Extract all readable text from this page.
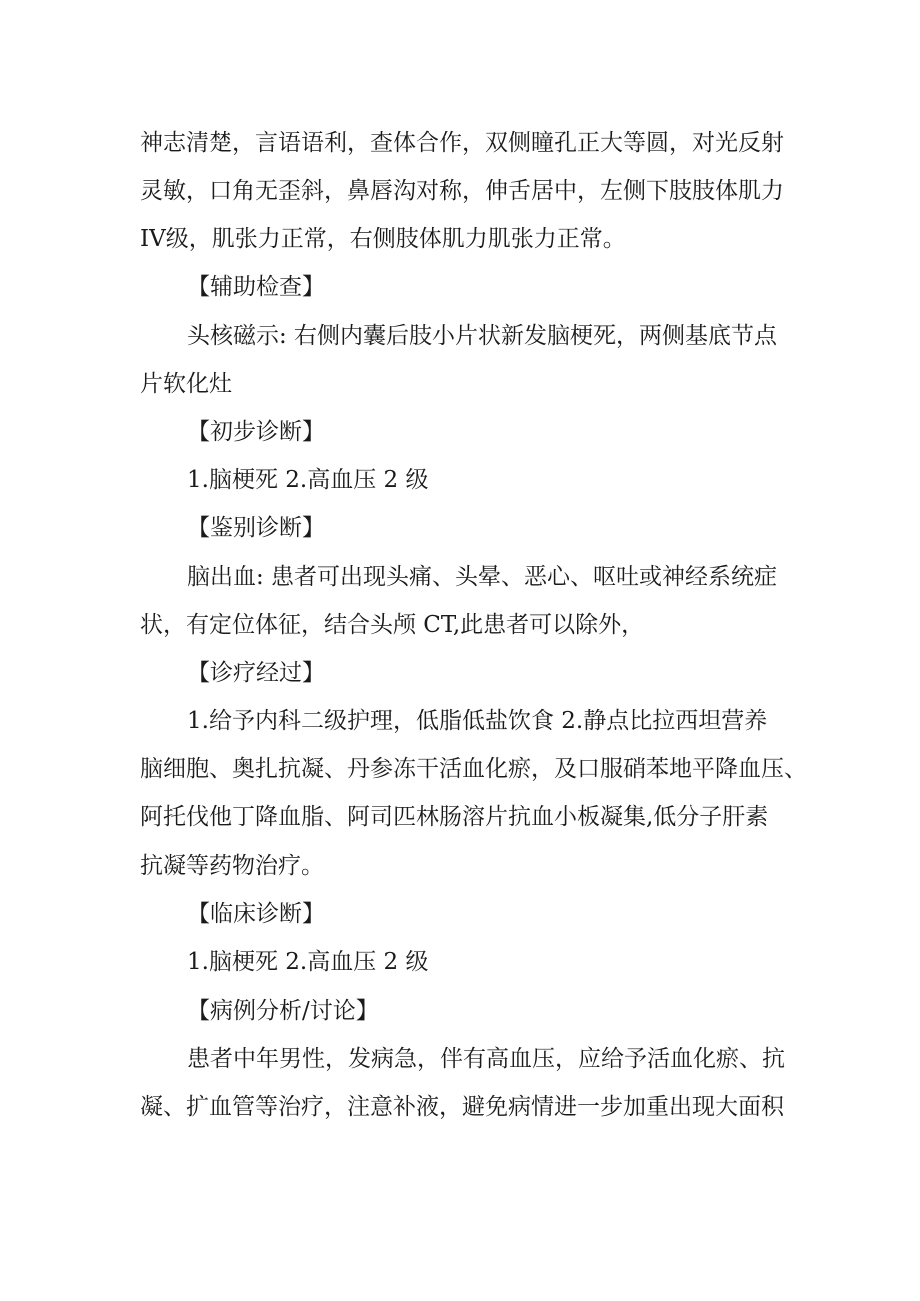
神志清楚，言语语利，查体合作，双侧瞳孔正大等圆，对光反射
灵敏，口角无歪斜，鼻唇沟对称，伸舌居中，左侧下肢肢体肌力
IV级，肌张力正常，右侧肢体肌力肌张力正常。
【辅助检查】
头核磁示: 右侧内囊后肢小片状新发脑梗死，两侧基底节点
片软化灶
【初步诊断】
1.脑梗死 2.高血压 2 级
【鉴别诊断】
脑出血: 患者可出现头痛、头晕、恶心、呕吐或神经系统症
状，有定位体征，结合头颅 CT,此患者可以除外，
【诊疗经过】
1.给予内科二级护理，低脂低盐饮食 2.静点比拉西坦营养
脑细胞、奥扎抗凝、丹参冻干活血化瘀，及口服硝苯地平降血压、
阿托伐他丁降血脂、阿司匹林肠溶片抗血小板凝集,低分子肝素
抗凝等药物治疗。
【临床诊断】
1.脑梗死 2.高血压 2 级
【病例分析/讨论】
患者中年男性，发病急，伴有高血压，应给予活血化瘀、抗
凝、扩血管等治疗，注意补液，避免病情进一步加重出现大面积
